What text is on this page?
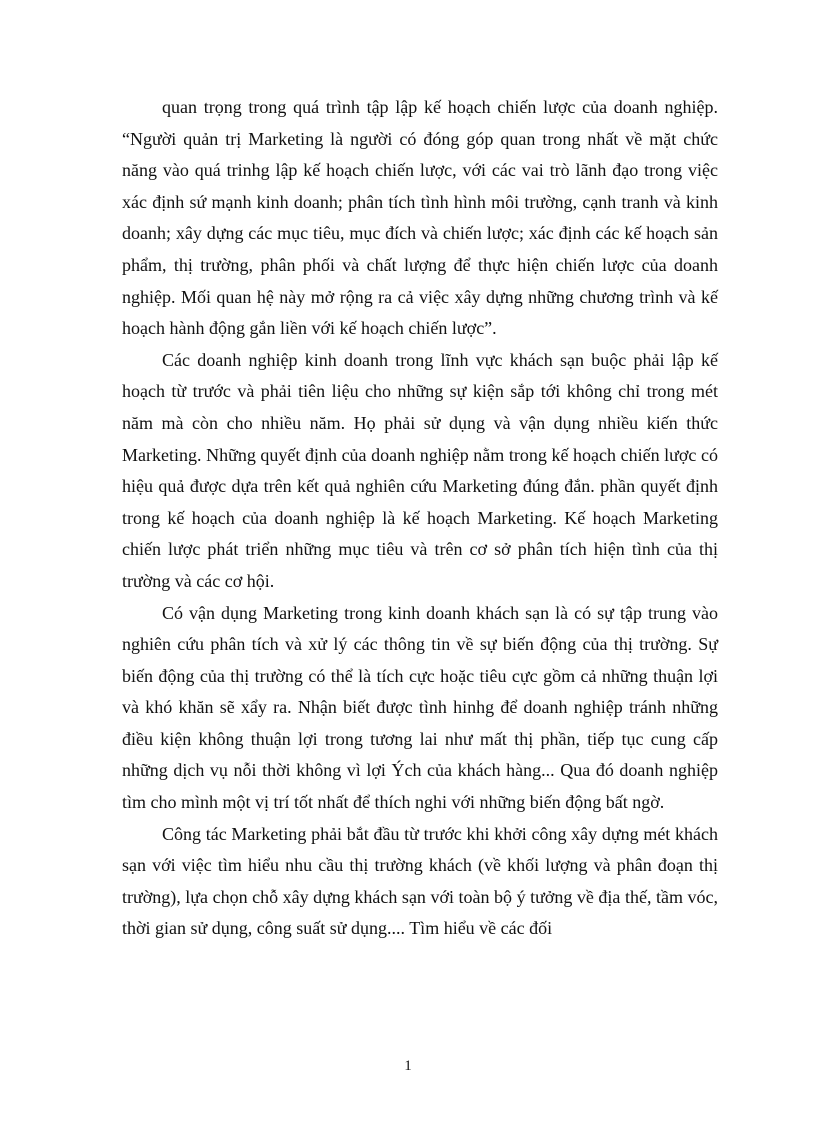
quan trọng trong quá trình tập lập kế hoạch chiến lược của doanh nghiệp. “Người quản trị Marketing là người có đóng góp quan trong nhất về mặt chức năng vào quá trinhg lập kế hoạch chiến lược, với các vai trò lãnh đạo trong việc xác định sứ mạnh kinh doanh; phân tích tình hình môi trường, cạnh tranh và kinh doanh; xây dựng các mục tiêu, mục đích và chiến lược; xác định các kế hoạch sản phẩm, thị trường, phân phối và chất lượng để thực hiện chiến lược của doanh nghiệp. Mối quan hệ này mở rộng ra cả việc xây dựng những chương trình và kế hoạch hành động gắn liền với kế hoạch chiến lược”.

Các doanh nghiệp kinh doanh trong lĩnh vực khách sạn buộc phải lập kế hoạch từ trước và phải tiên liệu cho những sự kiện sắp tới không chỉ trong mét năm mà còn cho nhiều năm. Họ phải sử dụng và vận dụng nhiều kiến thức Marketing. Những quyết định của doanh nghiệp nằm trong kế hoạch chiến lược có hiệu quả được dựa trên kết quả nghiên cứu Marketing đúng đắn. phần quyết định trong kế hoạch của doanh nghiệp là kế hoạch Marketing. Kế hoạch Marketing chiến lược phát triển những mục tiêu và trên cơ sở phân tích hiện tình của thị trường và các cơ hội.

Có vận dụng Marketing trong kinh doanh khách sạn là có sự tập trung vào nghiên cứu phân tích và xử lý các thông tin về sự biến động của thị trường. Sự biến động của thị trường có thể là tích cực hoặc tiêu cực gồm cả những thuận lợi và khó khăn sẽ xẩy ra. Nhận biết được tình hinhg để doanh nghiệp tránh những điều kiện không thuận lợi trong tương lai như mất thị phần, tiếp tục cung cấp những dịch vụ nỗi thời không vì lợi Ých của khách hàng... Qua đó doanh nghiệp tìm cho mình một vị trí tốt nhất để thích nghi với những biến động bất ngờ.

Công tác Marketing phải bắt đầu từ trước khi khởi công xây dựng mét khách sạn với việc tìm hiểu nhu cầu thị trường khách (về khối lượng và phân đoạn thị trường), lựa chọn chỗ xây dựng khách sạn với toàn bộ ý tưởng về địa thế, tầm vóc, thời gian sử dụng, công suất sử dụng.... Tìm hiểu về các đối

1
